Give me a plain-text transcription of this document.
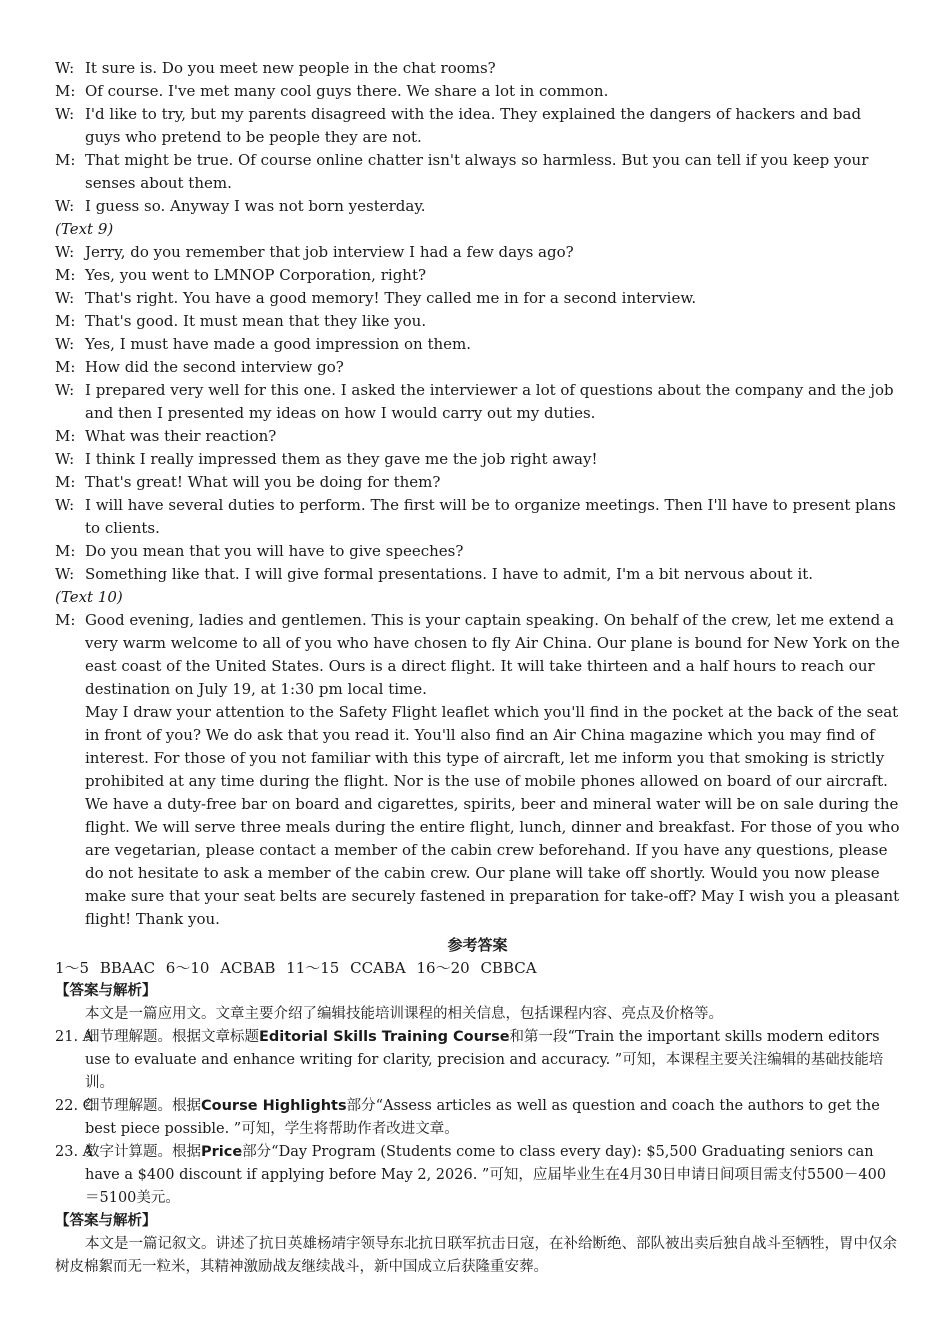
W: It sure is. Do you meet new people in the chat rooms?
M: Of course. I've met many cool guys there. We share a lot in common.
W: I'd like to try, but my parents disagreed with the idea. They explained the dangers of hackers and bad guys who pretend to be people they are not.
M: That might be true. Of course online chatter isn't always so harmless. But you can tell if you keep your senses about them.
W: I guess so. Anyway I was not born yesterday.
(Text 9)
W: Jerry, do you remember that job interview I had a few days ago?
M: Yes, you went to LMNOP Corporation, right?
W: That's right. You have a good memory! They called me in for a second interview.
M: That's good. It must mean that they like you.
W: Yes, I must have made a good impression on them.
M: How did the second interview go?
W: I prepared very well for this one. I asked the interviewer a lot of questions about the company and the job and then I presented my ideas on how I would carry out my duties.
M: What was their reaction?
W: I think I really impressed them as they gave me the job right away!
M: That's great! What will you be doing for them?
W: I will have several duties to perform. The first will be to organize meetings. Then I'll have to present plans to clients.
M: Do you mean that you will have to give speeches?
W: Something like that. I will give formal presentations. I have to admit, I'm a bit nervous about it.
(Text 10)
M: Good evening, ladies and gentlemen. This is your captain speaking. On behalf of the crew, let me extend a very warm welcome to all of you who have chosen to fly Air China. Our plane is bound for New York on the east coast of the United States. Ours is a direct flight. It will take thirteen and a half hours to reach our destination on July 19, at 1:30 pm local time.
May I draw your attention to the Safety Flight leaflet which you'll find in the pocket at the back of the seat in front of you? We do ask that you read it. You'll also find an Air China magazine which you may find of interest. For those of you not familiar with this type of aircraft, let me inform you that smoking is strictly prohibited at any time during the flight. Nor is the use of mobile phones allowed on board of our aircraft. We have a duty-free bar on board and cigarettes, spirits, beer and mineral water will be on sale during the flight. We will serve three meals during the entire flight, lunch, dinner and breakfast. For those of you who are vegetarian, please contact a member of the cabin crew beforehand. If you have any questions, please do not hesitate to ask a member of the cabin crew. Our plane will take off shortly. Would you now please make sure that your seat belts are securely fastened in preparation for take-off? May I wish you a pleasant flight! Thank you.
参考答案
1～5 BBAAC 6～10 ACBAB 11～15 CCABA 16～20 CBBCA
【答案与解析】
本文是一篇应用文。文章主要介绍了编辑技能培训课程的相关信息，包括课程内容、亮点及价格等。
21. A
细节理解题。根据文章标题Editorial Skills Training Course和第一段“Train the important skills modern editors use to evaluate and enhance writing for clarity, precision and accuracy. ”可知，本课程主要关注编辑的基础技能培训。
22. C
细节理解题。根据Course Highlights部分“Assess articles as well as question and coach the authors to get the best piece possible. ”可知，学生将帮助作者改进文章。
23. A
数字计算题。根据Price部分“Day Program (Students come to class every day): $5,500 Graduating seniors can have a $400 discount if applying before May 2, 2026. ”可知，应届毕业生在4月30日申请日间项目需支付5500－400＝5100美元。
【答案与解析】
本文是一篇记叙文。讲述了抗日英雄杨靖宇领导东北抗日联军抗击日寇，在补给断绝、部队被出卖后独自战斗至牺牲，胃中仅余树皮棉絮而无一粒米，其精神激励战友继续战斗，新中国成立后获隆重安葬。
